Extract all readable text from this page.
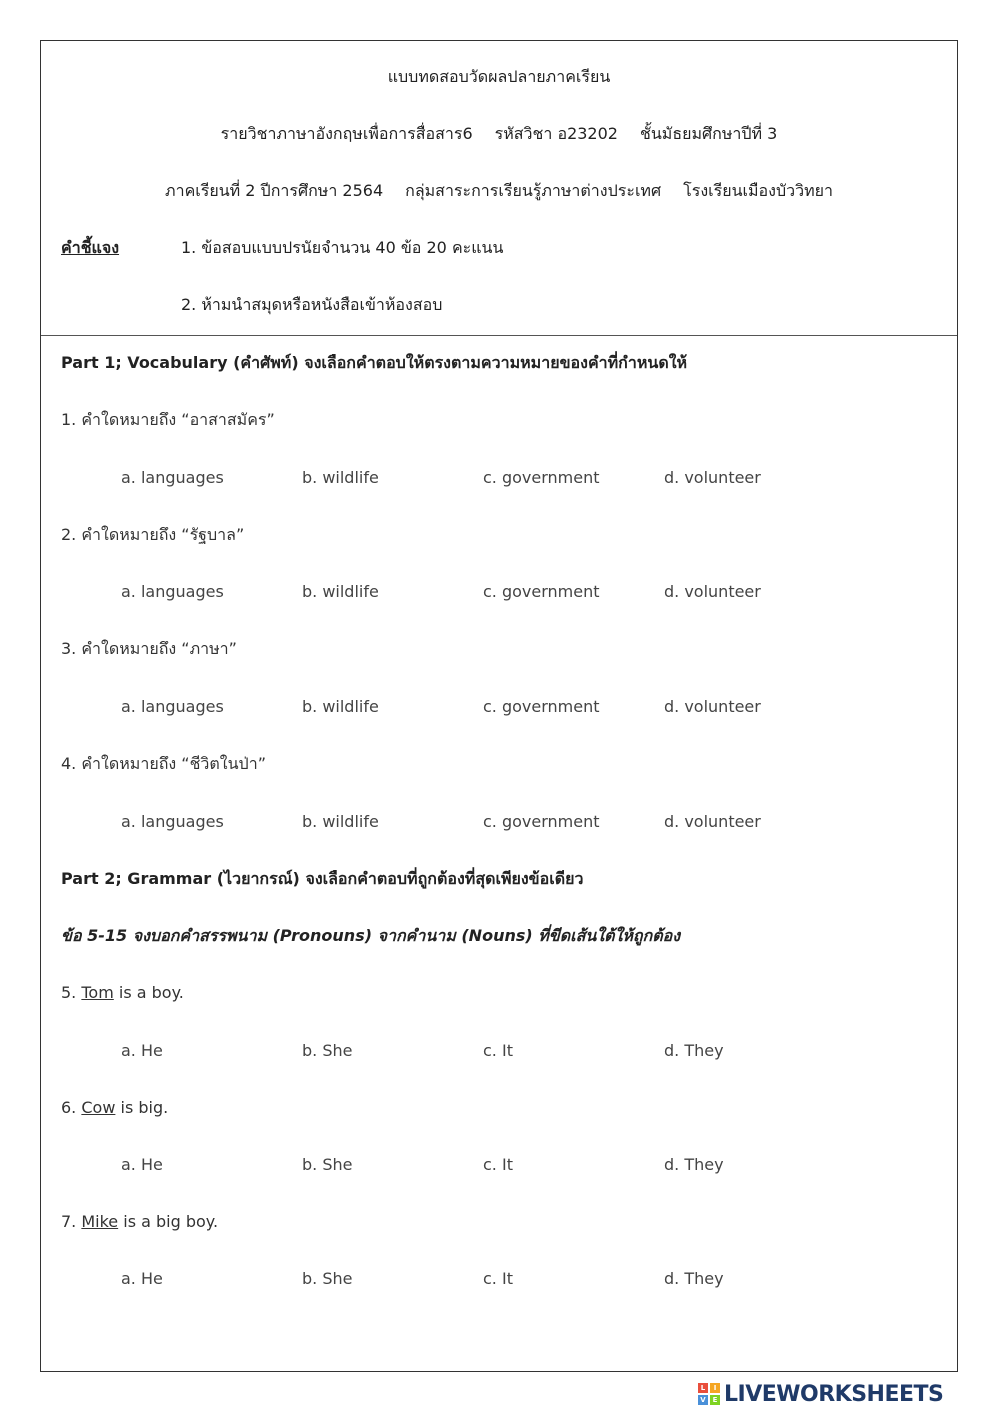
แบบทดสอบวัดผลปลายภาคเรียน
รายวิชาภาษาอังกฤษเพื่อการสื่อสาร6 รหัสวิชา อ23202 ชั้นมัธยมศึกษาปีที่ 3
ภาคเรียนที่ 2 ปีการศึกษา 2564 กลุ่มสาระการเรียนรู้ภาษาต่างประเทศ โรงเรียนเมืองบัววิทยา
คำชี้แจง	1. ข้อสอบแบบปรนัยจำนวน 40 ข้อ 20 คะแนน
2. ห้ามนำสมุดหรือหนังสือเข้าห้องสอบ
Part 1; Vocabulary (คำศัพท์) จงเลือกคำตอบให้ตรงตามความหมายของคำที่กำหนดให้
1. คำใดหมายถึง “อาสาสมัคร”
a. languages	b. wildlife	c. government	d. volunteer
2. คำใดหมายถึง “รัฐบาล”
a. languages	b. wildlife	c. government	d. volunteer
3. คำใดหมายถึง “ภาษา”
a. languages	b. wildlife	c. government	d. volunteer
4. คำใดหมายถึง “ชีวิตในป่า”
a. languages	b. wildlife	c. government	d. volunteer
Part 2; Grammar (ไวยากรณ์) จงเลือกคำตอบที่ถูกต้องที่สุดเพียงข้อเดียว
ข้อ 5-15 จงบอกคำสรรพนาม (Pronouns) จากคำนาม (Nouns) ที่ขีดเส้นใต้ให้ถูกต้อง
5. Tom is a boy.
a. He	b. She	c. It	d. They
6. Cow is big.
a. He	b. She	c. It	d. They
7. Mike is a big boy.
a. He	b. She	c. It	d. They
L	I
V E LIVEWORKSHEETS
